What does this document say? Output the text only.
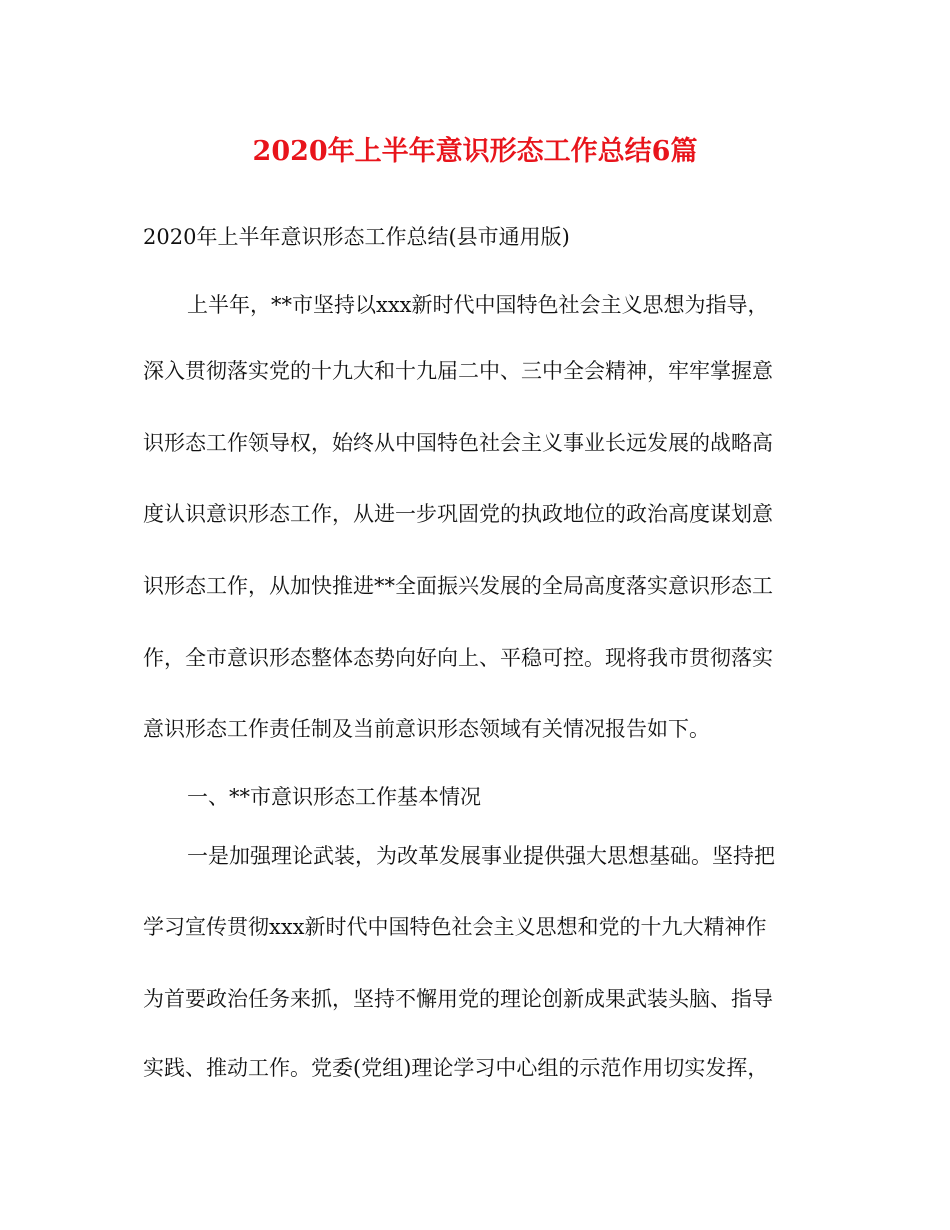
2020年上半年意识形态工作总结6篇
2020年上半年意识形态工作总结(县市通用版)
上半年，**市坚持以xxx新时代中国特色社会主义思想为指导，
深入贯彻落实党的十九大和十九届二中、三中全会精神，牢牢掌握意
识形态工作领导权，始终从中国特色社会主义事业长远发展的战略高
度认识意识形态工作，从进一步巩固党的执政地位的政治高度谋划意
识形态工作，从加快推进**全面振兴发展的全局高度落实意识形态工
作，全市意识形态整体态势向好向上、平稳可控。现将我市贯彻落实
意识形态工作责任制及当前意识形态领域有关情况报告如下。
一、**市意识形态工作基本情况
一是加强理论武装，为改革发展事业提供强大思想基础。坚持把
学习宣传贯彻xxx新时代中国特色社会主义思想和党的十九大精神作
为首要政治任务来抓，坚持不懈用党的理论创新成果武装头脑、指导
实践、推动工作。党委(党组)理论学习中心组的示范作用切实发挥，
